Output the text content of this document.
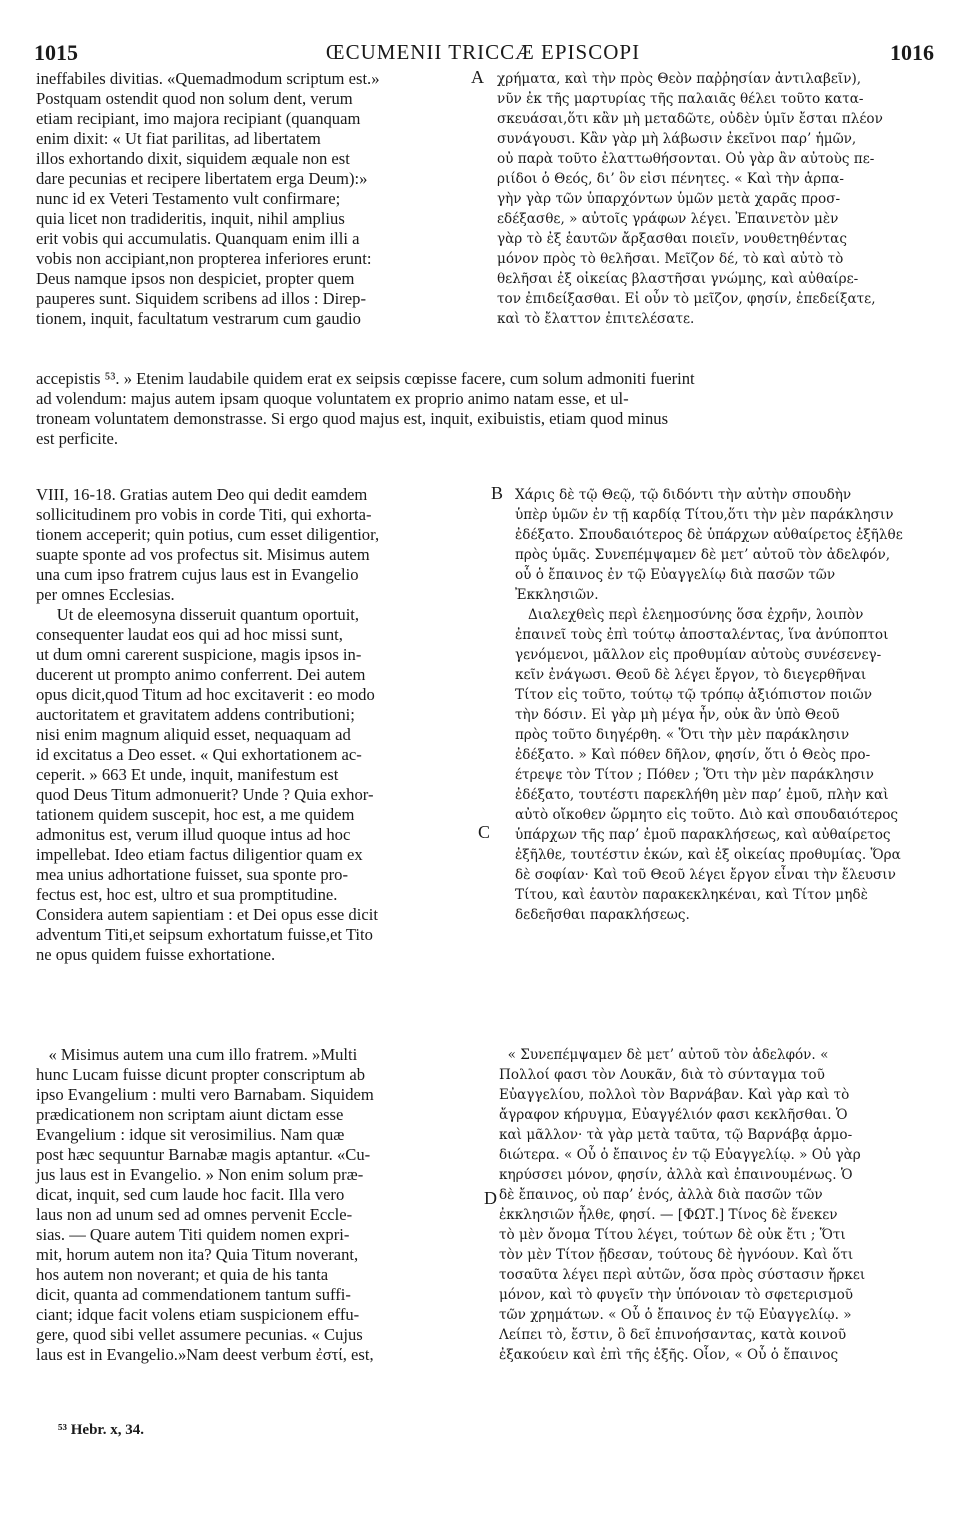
1015	ŒCUMENII TRICCÆ EPISCOPI	1016
A
B
C
D
ineffabiles divitias. «Quemadmodum scriptum est.»
Postquam ostendit quod non solum dent, verum
etiam recipiant, imo majora recipiant (quanquam
enim dixit: « Ut fiat parilitas, ad libertatem
illos exhortando dixit, siquidem æquale non est
dare pecunias et recipere libertatem erga Deum):»
nunc id ex Veteri Testamento vult confirmare;
quia licet non tradideritis, inquit, nihil amplius
erit vobis qui accumulatis. Quanquam enim illi a
vobis non accipiant,non propterea inferiores erunt:
Deus namque ipsos non despiciet, propter quem
pauperes sunt. Siquidem scribens ad illos : Direp-
tionem, inquit, facultatum vestrarum cum gaudio
χρήματα, καὶ τὴν πρὸς Θεὸν παῤῥησίαν ἀντιλαβεῖν),
νῦν ἐκ τῆς μαρτυρίας τῆς παλαιᾶς θέλει τοῦτο κατα-
σκευάσαι,ὅτι κἂν μὴ μεταδῶτε, οὐδὲν ὑμῖν ἔσται πλέον
συνάγουσι. Κἂν γὰρ μὴ λάβωσιν ἐκεῖνοι παρ’ ἡμῶν,
οὐ παρὰ τοῦτο ἐλαττωθήσονται. Οὐ γὰρ ἂν αὐτοὺς πε-
ριίδοι ὁ Θεός, δι’ ὃν εἰσι πένητες. « Καὶ τὴν ἁρπα-
γὴν γὰρ τῶν ὑπαρχόντων ὑμῶν μετὰ χαρᾶς προσ-
εδέξασθε, » αὐτοῖς γράφων λέγει. Ἐπαινετὸν μὲν
γὰρ τὸ ἐξ ἑαυτῶν ἄρξασθαι ποιεῖν, νουθετηθέντας
μόνον πρὸς τὸ θελῆσαι. Μεῖζον δέ, τὸ καὶ αὐτὸ τὸ
θελῆσαι ἐξ οἰκείας βλαστῆσαι γνώμης, καὶ αὐθαίρε-
τον ἐπιδείξασθαι. Εἰ οὖν τὸ μεῖζον, φησίν, ἐπεδείξατε,
καὶ τὸ ἔλαττον ἐπιτελέσατε.
accepistis ⁵³. » Etenim laudabile quidem erat ex seipsis cœpisse facere, cum solum admoniti fuerint
ad volendum: majus autem ipsam quoque voluntatem ex proprio animo natam esse, et ul-
troneam voluntatem demonstrasse. Si ergo quod majus est, inquit, exibuistis, etiam quod minus
est perficite.
VIII, 16-18. Gratias autem Deo qui dedit eamdem
sollicitudinem pro vobis in corde Titi, qui exhorta-
tionem acceperit; quin potius, cum esset diligentior,
suapte sponte ad vos profectus sit. Misimus autem
una cum ipso fratrem cujus laus est in Evangelio
per omnes Ecclesias.
Ut de eleemosyna disseruit quantum oportuit,
consequenter laudat eos qui ad hoc missi sunt,
ut dum omni carerent suspicione, magis ipsos in-
ducerent ut prompto animo conferrent. Dei autem
opus dicit,quod Titum ad hoc excitaverit : eo modo
auctoritatem et gravitatem addens contributioni;
nisi enim magnum aliquid esset, nequaquam ad
id excitatus a Deo esset. « Qui exhortationem ac-
ceperit. » 663 Et unde, inquit, manifestum est
quod Deus Titum admonuerit? Unde ? Quia exhor-
tationem quidem suscepit, hoc est, a me quidem
admonitus est, verum illud quoque intus ad hoc
impellebat. Ideo etiam factus diligentior quam ex
mea unius adhortatione fuisset, sua sponte pro-
fectus est, hoc est, ultro et sua promptitudine.
Considera autem sapientiam : et Dei opus esse dicit
adventum Titi,et seipsum exhortatum fuisse,et Tito
ne opus quidem fuisse exhortatione.
Χάρις δὲ τῷ Θεῷ, τῷ διδόντι τὴν αὐτὴν σπουδὴν
ὑπὲρ ὑμῶν ἐν τῇ καρδίᾳ Τίτου,ὅτι τὴν μὲν παράκλησιν
ἐδέξατο. Σπουδαιότερος δὲ ὑπάρχων αὐθαίρετος ἐξῆλθε
πρὸς ὑμᾶς. Συνεπέμψαμεν δὲ μετ’ αὐτοῦ τὸν ἀδελφόν,
οὗ ὁ ἔπαινος ἐν τῷ Εὐαγγελίῳ διὰ πασῶν τῶν
Ἐκκλησιῶν.
Διαλεχθεὶς περὶ ἐλεημοσύνης ὅσα ἐχρῆν, λοιπὸν
ἐπαινεῖ τοὺς ἐπὶ τούτῳ ἀποσταλέντας, ἵνα ἀνύποπτοι
γενόμενοι, μᾶλλον εἰς προθυμίαν αὐτοὺς συνέσενεγ-
κεῖν ἐνάγωσι. Θεοῦ δὲ λέγει ἔργον, τὸ διεγερθῆναι
Τίτον εἰς τοῦτο, τούτῳ τῷ τρόπῳ ἀξιόπιστον ποιῶν
τὴν δόσιν. Εἰ γὰρ μὴ μέγα ἦν, οὐκ ἂν ὑπὸ Θεοῦ
πρὸς τοῦτο διηγέρθη. « Ὅτι τὴν μὲν παράκλησιν
ἐδέξατο. » Καὶ πόθεν δῆλον, φησίν, ὅτι ὁ Θεὸς προ-
έτρεψε τὸν Τίτον ; Πόθεν ; Ὅτι τὴν μὲν παράκλησιν
ἐδέξατο, τουτέστι παρεκλήθη μὲν παρ’ ἐμοῦ, πλὴν καὶ
αὐτὸ οἴκοθεν ὥρμητο εἰς τοῦτο. Διὸ καὶ σπουδαιότερος
ὑπάρχων τῆς παρ’ ἐμοῦ παρακλήσεως, καὶ αὐθαίρετος
ἐξῆλθε, τουτέστιν ἑκών, καὶ ἐξ οἰκείας προθυμίας. Ὅρα
δὲ σοφίαν· Καὶ τοῦ Θεοῦ λέγει ἔργον εἶναι τὴν ἔλευσιν
Τίτου, καὶ ἑαυτὸν παρακεκληκέναι, καὶ Τίτον μηδὲ
δεδεῆσθαι παρακλήσεως.
« Misimus autem una cum illo fratrem. »Multi
hunc Lucam fuisse dicunt propter conscriptum ab
ipso Evangelium : multi vero Barnabam. Siquidem
prædicationem non scriptam aiunt dictam esse
Evangelium : idque sit verosimilius. Nam quæ
post hæc sequuntur Barnabæ magis aptantur. «Cu-
jus laus est in Evangelio. » Non enim solum præ-
dicat, inquit, sed cum laude hoc facit. Illa vero
laus non ad unum sed ad omnes pervenit Eccle-
sias. — Quare autem Titi quidem nomen expri-
mit, horum autem non ita? Quia Titum noverant,
hos autem non noverant; et quia de his tanta
dicit, quanta ad commendationem tantum suffi-
ciant; idque facit volens etiam suspicionem effu-
gere, quod sibi vellet assumere pecunias. « Cujus
laus est in Evangelio.»Nam deest verbum ἐστί, est,
« Συνεπέμψαμεν δὲ μετ’ αὐτοῦ τὸν ἀδελφόν. «
Πολλοί φασι τὸν Λουκᾶν, διὰ τὸ σύνταγμα τοῦ
Εὐαγγελίου, πολλοὶ τὸν Βαρνάβαν. Καὶ γὰρ καὶ τὸ
ἄγραφον κήρυγμα, Εὐαγγέλιόν φασι κεκλῆσθαι. Ὁ
καὶ μᾶλλον· τὰ γὰρ μετὰ ταῦτα, τῷ Βαρνάβᾳ ἁρμο-
διώτερα. « Οὗ ὁ ἔπαινος ἐν τῷ Εὐαγγελίῳ. » Οὐ γὰρ
κηρύσσει μόνον, φησίν, ἀλλὰ καὶ ἐπαινουμένως. Ὁ
δὲ ἔπαινος, οὐ παρ’ ἑνός, ἀλλὰ διὰ πασῶν τῶν
ἐκκλησιῶν ἦλθε, φησί. — [ΦΩΤ.] Τίνος δὲ ἕνεκεν
τὸ μὲν ὄνομα Τίτου λέγει, τούτων δὲ οὐκ ἔτι ; Ὅτι
τὸν μὲν Τίτον ᾔδεσαν, τούτους δὲ ἠγνόουν. Καὶ ὅτι
τοσαῦτα λέγει περὶ αὐτῶν, ὅσα πρὸς σύστασιν ἤρκει
μόνον, καὶ τὸ φυγεῖν τὴν ὑπόνοιαν τὸ σφετερισμοῦ
τῶν χρημάτων. « Οὗ ὁ ἔπαινος ἐν τῷ Εὐαγγελίῳ. »
Λείπει τὸ, ἔστιν, ὃ δεῖ ἐπινοήσαντας, κατὰ κοινοῦ
ἐξακούειν καὶ ἐπὶ τῆς ἑξῆς. Οἷον, « Οὗ ὁ ἔπαινος
⁵³ Hebr. x, 34.
